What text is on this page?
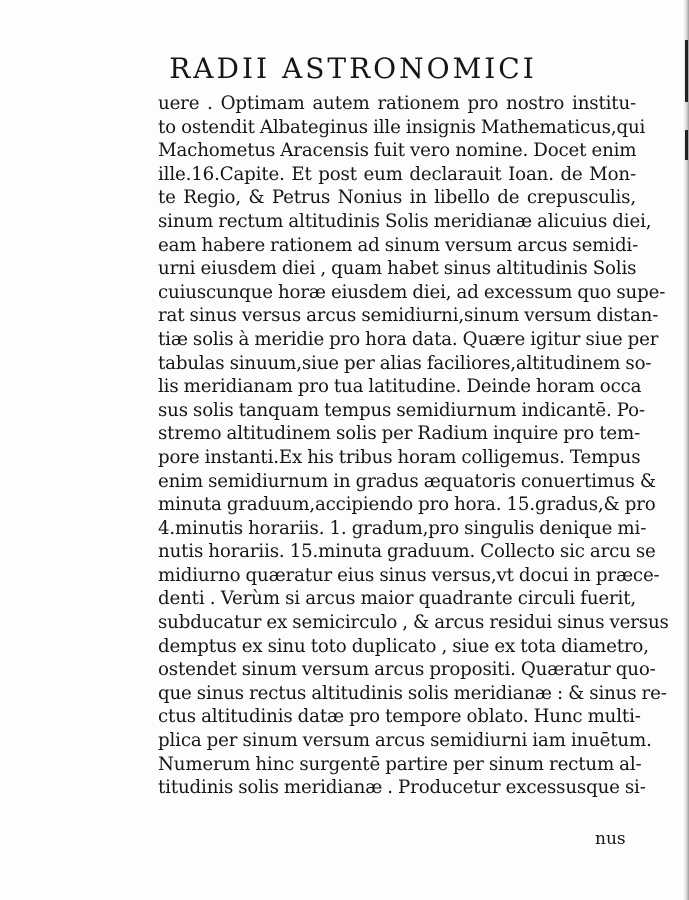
RADII ASTRONOMICI
uere . Optimam autem rationem pro nostro institu-
to ostendit Albateginus ille insignis Mathematicus,qui
Machometus Aracensis fuit vero nomine. Docet enim
ille.16.Capite. Et post eum declarauit Ioan. de Mon-
te Regio, & Petrus Nonius in libello de crepusculis,
sinum rectum altitudinis Solis meridianæ alicuius diei,
eam habere rationem ad sinum versum arcus semidi-
urni eiusdem diei , quam habet sinus altitudinis Solis
cuiuscunque horæ eiusdem diei, ad excessum quo supe-
rat sinus versus arcus semidiurni,sinum versum distan-
tiæ solis à meridie pro hora data. Quære igitur siue per
tabulas sinuum,siue per alias faciliores,altitudinem so-
lis meridianam pro tua latitudine. Deinde horam occa
sus solis tanquam tempus semidiurnum indicantē. Po-
stremo altitudinem solis per Radium inquire pro tem-
pore instanti.Ex his tribus horam colligemus. Tempus
enim semidiurnum in gradus æquatoris conuertimus &
minuta graduum,accipiendo pro hora. 15.gradus,& pro
4.minutis horariis. 1. gradum,pro singulis denique mi-
nutis horariis. 15.minuta graduum. Collecto sic arcu se
midiurno quæratur eius sinus versus,vt docui in præce-
denti . Verùm si arcus maior quadrante circuli fuerit,
subducatur ex semicirculo , & arcus residui sinus versus
demptus ex sinu toto duplicato , siue ex tota diametro,
ostendet sinum versum arcus propositi. Quæratur quo-
que sinus rectus altitudinis solis meridianæ : & sinus re-
ctus altitudinis datæ pro tempore oblato. Hunc multi-
plica per sinum versum arcus semidiurni iam inuētum.
Numerum hinc surgentē partire per sinum rectum al-
titudinis solis meridianæ . Producetur excessusque si-
nus
